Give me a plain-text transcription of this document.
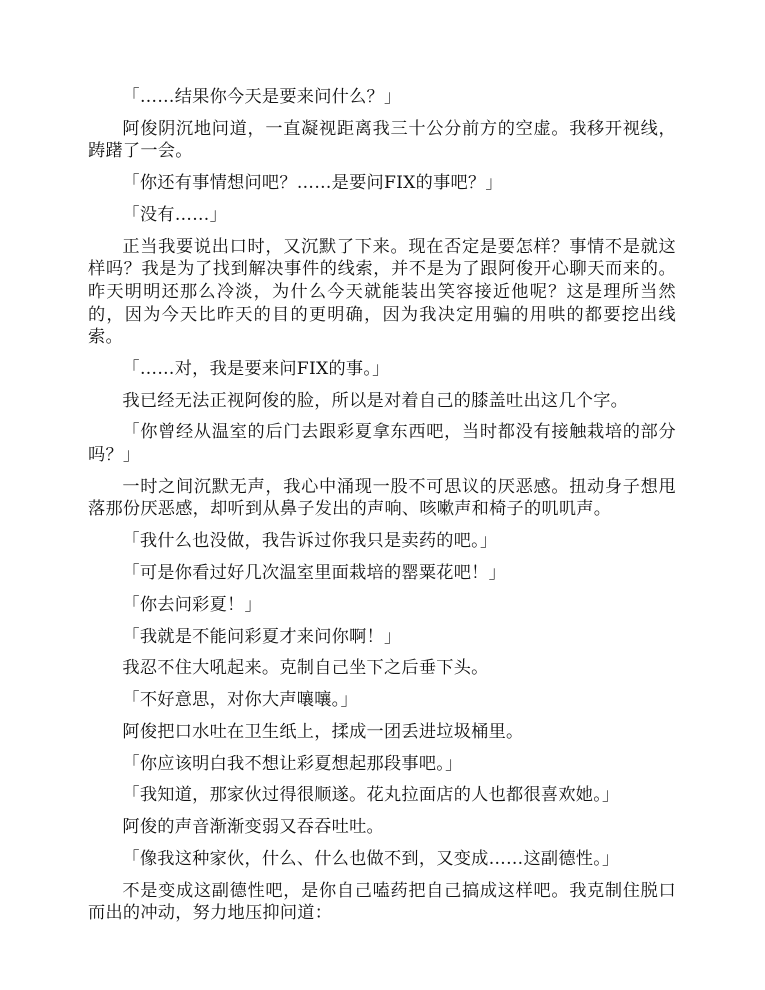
「……结果你今天是要来问什么？」

阿俊阴沉地问道，一直凝视距离我三十公分前方的空虚。我移开视线，踌躇了一会。

「你还有事情想问吧？……是要问FIX的事吧？」

「没有……」

正当我要说出口时，又沉默了下来。现在否定是要怎样？事情不是就这样吗？我是为了找到解决事件的线索，并不是为了跟阿俊开心聊天而来的。昨天明明还那么冷淡，为什么今天就能装出笑容接近他呢？这是理所当然的，因为今天比昨天的目的更明确，因为我决定用骗的用哄的都要挖出线索。

「……对，我是要来问FIX的事。」

我已经无法正视阿俊的脸，所以是对着自己的膝盖吐出这几个字。

「你曾经从温室的后门去跟彩夏拿东西吧，当时都没有接触栽培的部分吗？」

一时之间沉默无声，我心中涌现一股不可思议的厌恶感。扭动身子想甩落那份厌恶感，却听到从鼻子发出的声响、咳嗽声和椅子的叽叽声。

「我什么也没做，我告诉过你我只是卖药的吧。」

「可是你看过好几次温室里面栽培的罂粟花吧！」

「你去问彩夏！」

「我就是不能问彩夏才来问你啊！」

我忍不住大吼起来。克制自己坐下之后垂下头。

「不好意思，对你大声嚷嚷。」

阿俊把口水吐在卫生纸上，揉成一团丢进垃圾桶里。

「你应该明白我不想让彩夏想起那段事吧。」

「我知道，那家伙过得很顺遂。花丸拉面店的人也都很喜欢她。」

阿俊的声音渐渐变弱又吞吞吐吐。

「像我这种家伙，什么、什么也做不到，又变成……这副德性。」

不是变成这副德性吧，是你自己嗑药把自己搞成这样吧。我克制住脱口而出的冲动，努力地压抑问道：
